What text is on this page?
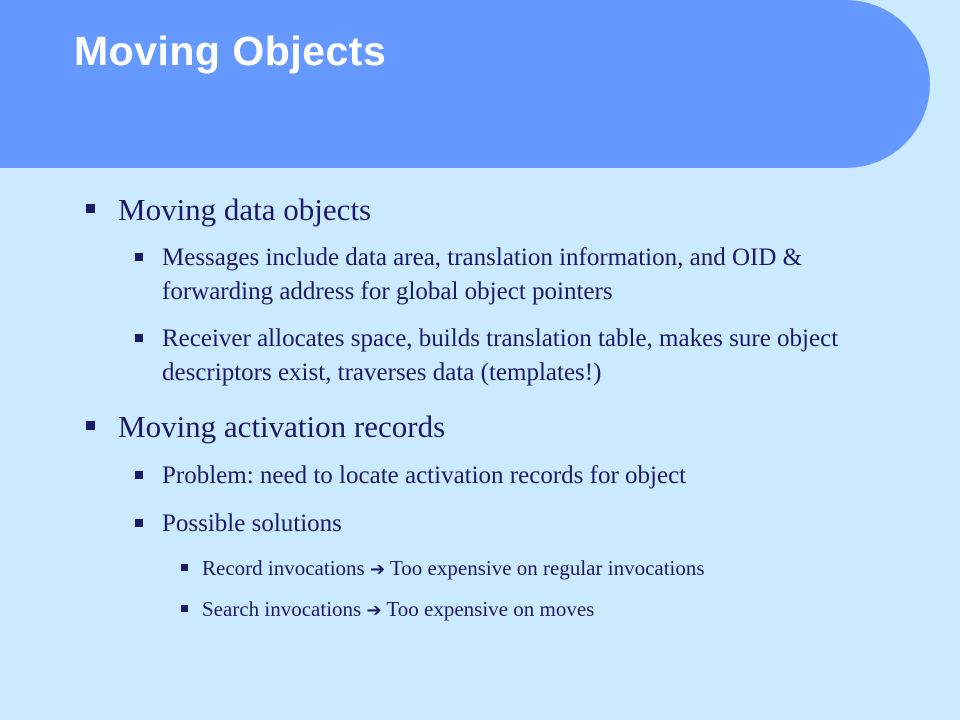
Moving Objects
Moving data objects
Messages include data area, translation information, and OID & forwarding address for global object pointers
Receiver allocates space, builds translation table, makes sure object descriptors exist, traverses data (templates!)
Moving activation records
Problem: need to locate activation records for object
Possible solutions
Record invocations ➔ Too expensive on regular invocations
Search invocations ➔ Too expensive on moves
